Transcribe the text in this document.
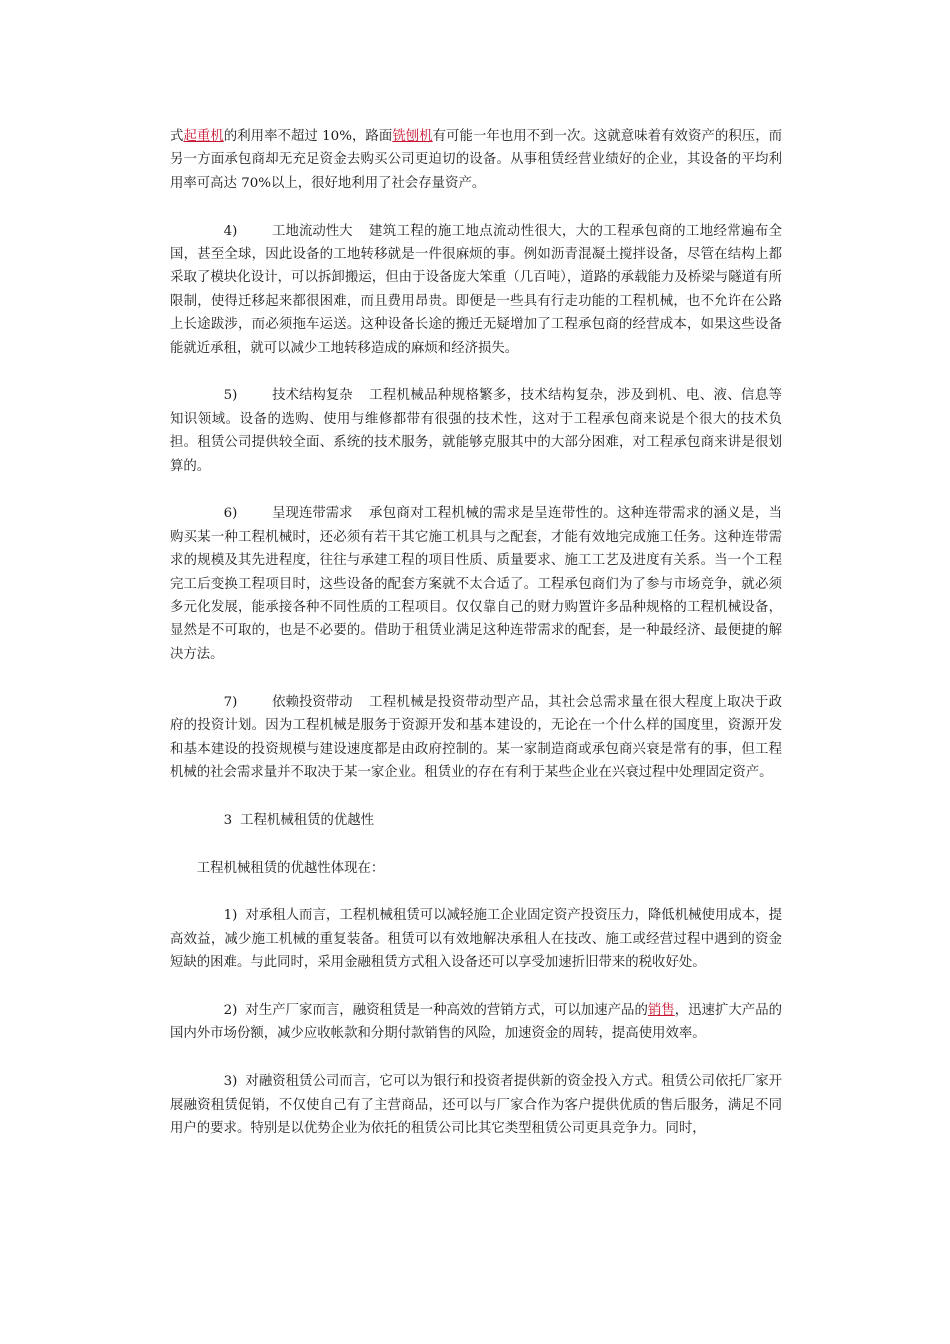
式起重机的利用率不超过 10%，路面铣刨机有可能一年也用不到一次。这就意味着有效资产的积压，而另一方面承包商却无充足资金去购买公司更迫切的设备。从事租赁经营业绩好的企业，其设备的平均利用率可高达 70%以上，很好地利用了社会存量资产。

4)	工地流动性大 建筑工程的施工地点流动性很大，大的工程承包商的工地经常遍布全国，甚至全球，因此设备的工地转移就是一件很麻烦的事。例如沥青混凝土搅拌设备，尽管在结构上都采取了模块化设计，可以拆卸搬运，但由于设备庞大笨重（几百吨），道路的承载能力及桥梁与隧道有所限制，使得迁移起来都很困难，而且费用昂贵。即便是一些具有行走功能的工程机械，也不允许在公路上长途跋涉，而必须拖车运送。这种设备长途的搬迁无疑增加了工程承包商的经营成本，如果这些设备能就近承租，就可以减少工地转移造成的麻烦和经济损失。

5)	技术结构复杂 工程机械品种规格繁多，技术结构复杂，涉及到机、电、液、信息等知识领域。设备的选购、使用与维修都带有很强的技术性，这对于工程承包商来说是个很大的技术负担。租赁公司提供较全面、系统的技术服务，就能够克服其中的大部分困难，对工程承包商来讲是很划算的。

6)	呈现连带需求 承包商对工程机械的需求是呈连带性的。这种连带需求的涵义是，当购买某一种工程机械时，还必须有若干其它施工机具与之配套，才能有效地完成施工任务。这种连带需求的规模及其先进程度，往往与承建工程的项目性质、质量要求、施工工艺及进度有关系。当一个工程完工后变换工程项目时，这些设备的配套方案就不太合适了。工程承包商们为了参与市场竞争，就必须多元化发展，能承接各种不同性质的工程项目。仅仅靠自己的财力购置许多品种规格的工程机械设备，显然是不可取的，也是不必要的。借助于租赁业满足这种连带需求的配套，是一种最经济、最便捷的解决方法。

7)	依赖投资带动 工程机械是投资带动型产品，其社会总需求量在很大程度上取决于政府的投资计划。因为工程机械是服务于资源开发和基本建设的，无论在一个什么样的国度里，资源开发和基本建设的投资规模与建设速度都是由政府控制的。某一家制造商或承包商兴衰是常有的事，但工程机械的社会需求量并不取决于某一家企业。租赁业的存在有利于某些企业在兴衰过程中处理固定资产。

3 工程机械租赁的优越性

工程机械租赁的优越性体现在：

1) 对承租人而言，工程机械租赁可以减轻施工企业固定资产投资压力，降低机械使用成本，提高效益，减少施工机械的重复装备。租赁可以有效地解决承租人在技改、施工或经营过程中遇到的资金短缺的困难。与此同时，采用金融租赁方式租入设备还可以享受加速折旧带来的税收好处。

2) 对生产厂家而言，融资租赁是一种高效的营销方式，可以加速产品的销售，迅速扩大产品的国内外市场份额，减少应收帐款和分期付款销售的风险，加速资金的周转，提高使用效率。

3) 对融资租赁公司而言，它可以为银行和投资者提供新的资金投入方式。租赁公司依托厂家开展融资租赁促销，不仅使自己有了主营商品，还可以与厂家合作为客户提供优质的售后服务，满足不同用户的要求。特别是以优势企业为依托的租赁公司比其它类型租赁公司更具竞争力。同时，
